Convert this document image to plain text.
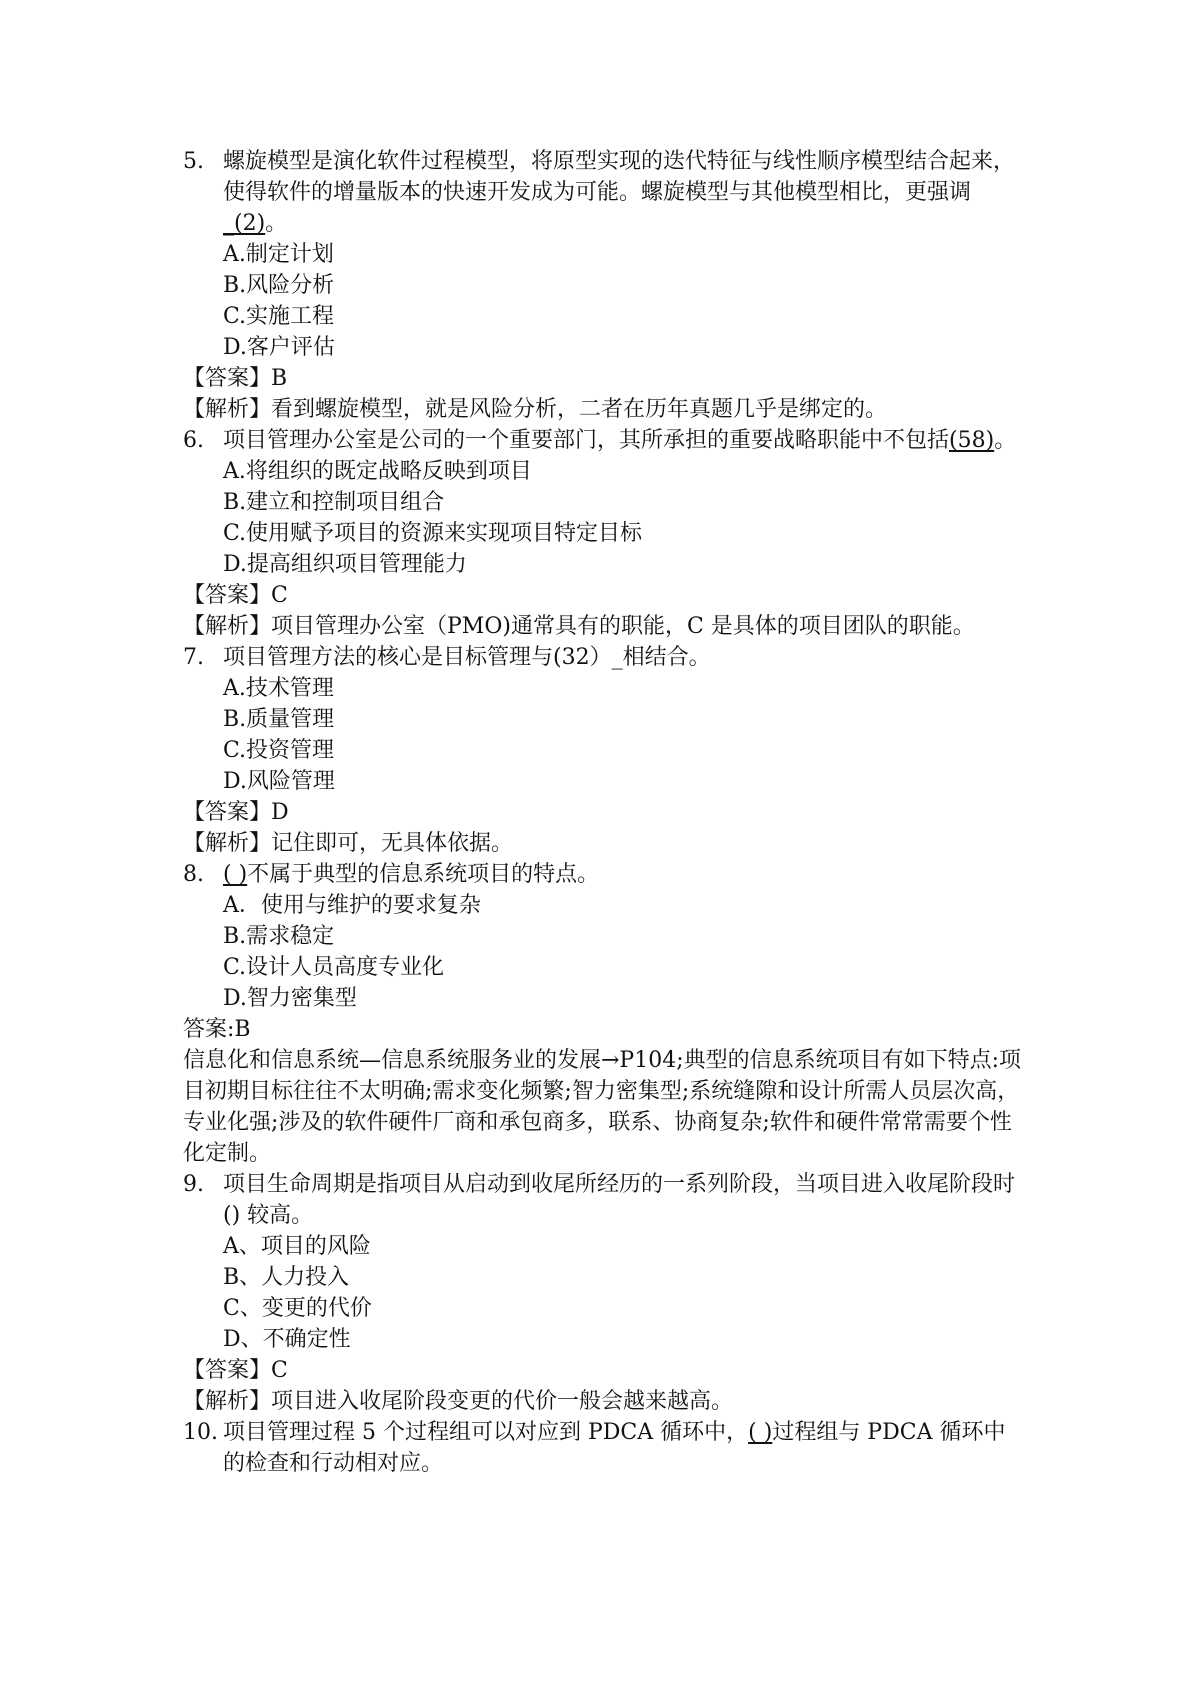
5. 螺旋模型是演化软件过程模型，将原型实现的迭代特征与线性顺序模型结合起来，使得软件的增量版本的快速开发成为可能。螺旋模型与其他模型相比，更强调_(2)。
A.制定计划
B.风险分析
C.实施工程
D.客户评估
【答案】B
【解析】看到螺旋模型，就是风险分析，二者在历年真题几乎是绑定的。
6. 项目管理办公室是公司的一个重要部门，其所承担的重要战略职能中不包括(58)。
A.将组织的既定战略反映到项目
B.建立和控制项目组合
C.使用赋予项目的资源来实现项目特定目标
D.提高组织项目管理能力
【答案】C
【解析】项目管理办公室（PMO)通常具有的职能，C 是具体的项目团队的职能。
7. 项目管理方法的核心是目标管理与(32）_相结合。
A.技术管理
B.质量管理
C.投资管理
D.风险管理
【答案】D
【解析】记住即可，无具体依据。
8. ( )不属于典型的信息系统项目的特点。
A．使用与维护的要求复杂
B.需求稳定
C.设计人员高度专业化
D.智力密集型
答案:B
信息化和信息系统—信息系统服务业的发展→P104;典型的信息系统项目有如下特点:项目初期目标往往不太明确;需求变化频繁;智力密集型;系统缝隙和设计所需人员层次高，专业化强;涉及的软件硬件厂商和承包商多，联系、协商复杂;软件和硬件常常需要个性化定制。
9. 项目生命周期是指项目从启动到收尾所经历的一系列阶段，当项目进入收尾阶段时() 较高。
A、项目的风险
B、人力投入
C、变更的代价
D、不确定性
【答案】C
【解析】项目进入收尾阶段变更的代价一般会越来越高。
10. 项目管理过程 5 个过程组可以对应到 PDCA 循环中，( )过程组与 PDCA 循环中的检查和行动相对应。
